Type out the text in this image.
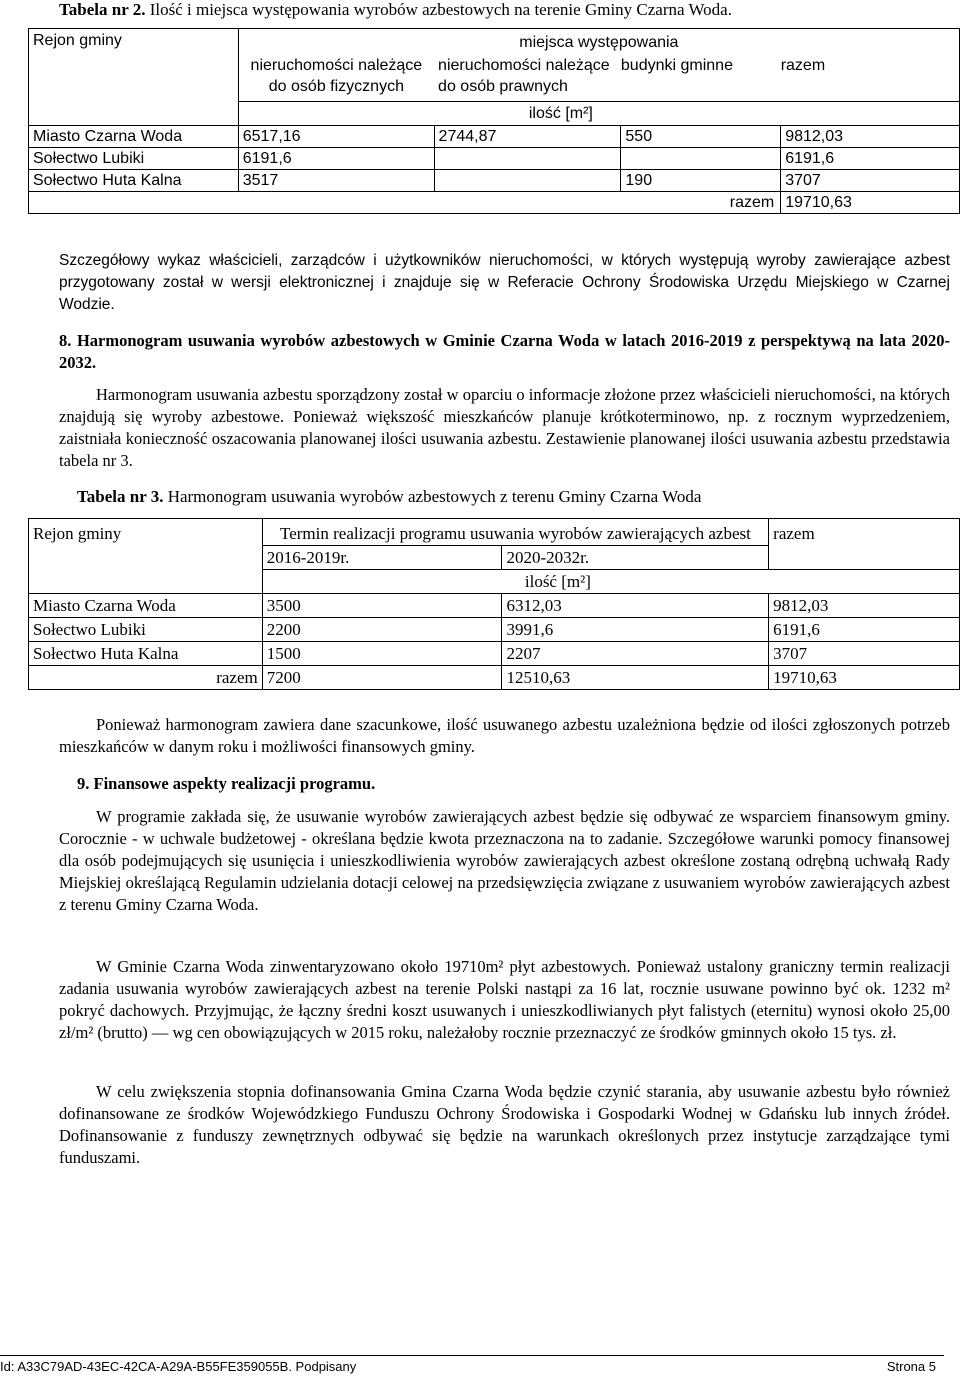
Tabela nr 2. Ilość i miejsca występowania wyrobów azbestowych na terenie Gminy Czarna Woda.
Rejon gminy	miejsca występowania			
	nieruchomości należące do osób fizycznych	nieruchomości należące do osób prawnych	budynki gminne	razem
	ilość [m²]			
Miasto Czarna Woda	6517,16	2744,87	550	9812,03
Sołectwo Lubiki	6191,6			6191,6
Sołectwo Huta Kalna	3517		190	3707
razem				19710,63
Szczegółowy wykaz właścicieli, zarządców i użytkowników nieruchomości, w których występują wyroby zawierające azbest przygotowany został w wersji elektronicznej i znajduje się w Referacie Ochrony Środowiska Urzędu Miejskiego w Czarnej Wodzie.
8. Harmonogram usuwania wyrobów azbestowych w Gminie Czarna Woda w latach 2016-2019 z perspektywą na lata 2020-2032.
Harmonogram usuwania azbestu sporządzony został w oparciu o informacje złożone przez właścicieli nieruchomości, na których znajdują się wyroby azbestowe. Ponieważ większość mieszkańców planuje krótkoterminowo, np. z rocznym wyprzedzeniem, zaistniała konieczność oszacowania planowanej ilości usuwania azbestu. Zestawienie planowanej ilości usuwania azbestu przedstawia tabela nr 3.
Tabela nr 3. Harmonogram usuwania wyrobów azbestowych z terenu Gminy Czarna Woda
Rejon gminy	Termin realizacji programu usuwania wyrobów zawierających azbest		razem
	2016-2019r.	2020-2032r.	
	ilość [m²]		
Miasto Czarna Woda	3500	6312,03	9812,03
Sołectwo Lubiki	2200	3991,6	6191,6
Sołectwo Huta Kalna	1500	2207	3707
razem	7200	12510,63	19710,63
Ponieważ harmonogram zawiera dane szacunkowe, ilość usuwanego azbestu uzależniona będzie od ilości zgłoszonych potrzeb mieszkańców w danym roku i możliwości finansowych gminy.
9. Finansowe aspekty realizacji programu.
W programie zakłada się, że usuwanie wyrobów zawierających azbest będzie się odbywać ze wsparciem finansowym gminy. Corocznie - w uchwale budżetowej - określana będzie kwota przeznaczona na to zadanie. Szczegółowe warunki pomocy finansowej dla osób podejmujących się usunięcia i unieszkodliwienia wyrobów zawierających azbest określone zostaną odrębną uchwałą Rady Miejskiej określającą Regulamin udzielania dotacji celowej na przedsięwzięcia związane z usuwaniem wyrobów zawierających azbest z terenu Gminy Czarna Woda.
W Gminie Czarna Woda zinwentaryzowano około 19710m² płyt azbestowych. Ponieważ ustalony graniczny termin realizacji zadania usuwania wyrobów zawierających azbest na terenie Polski nastąpi za 16 lat, rocznie usuwane powinno być ok. 1232 m² pokryć dachowych. Przyjmując, że łączny średni koszt usuwanych i unieszkodliwianych płyt falistych (eternitu) wynosi około 25,00 zł/m² (brutto) — wg cen obowiązujących w 2015 roku, należałoby rocznie przeznaczyć ze środków gminnych około 15 tys. zł.
W celu zwiększenia stopnia dofinansowania Gmina Czarna Woda będzie czynić starania, aby usuwanie azbestu było również dofinansowane ze środków Wojewódzkiego Funduszu Ochrony Środowiska i Gospodarki Wodnej w Gdańsku lub innych źródeł. Dofinansowanie z funduszy zewnętrznych odbywać się będzie na warunkach określonych przez instytucje zarządzające tymi funduszami.
Id: A33C79AD-43EC-42CA-A29A-B55FE359055B. Podpisany	Strona 5
